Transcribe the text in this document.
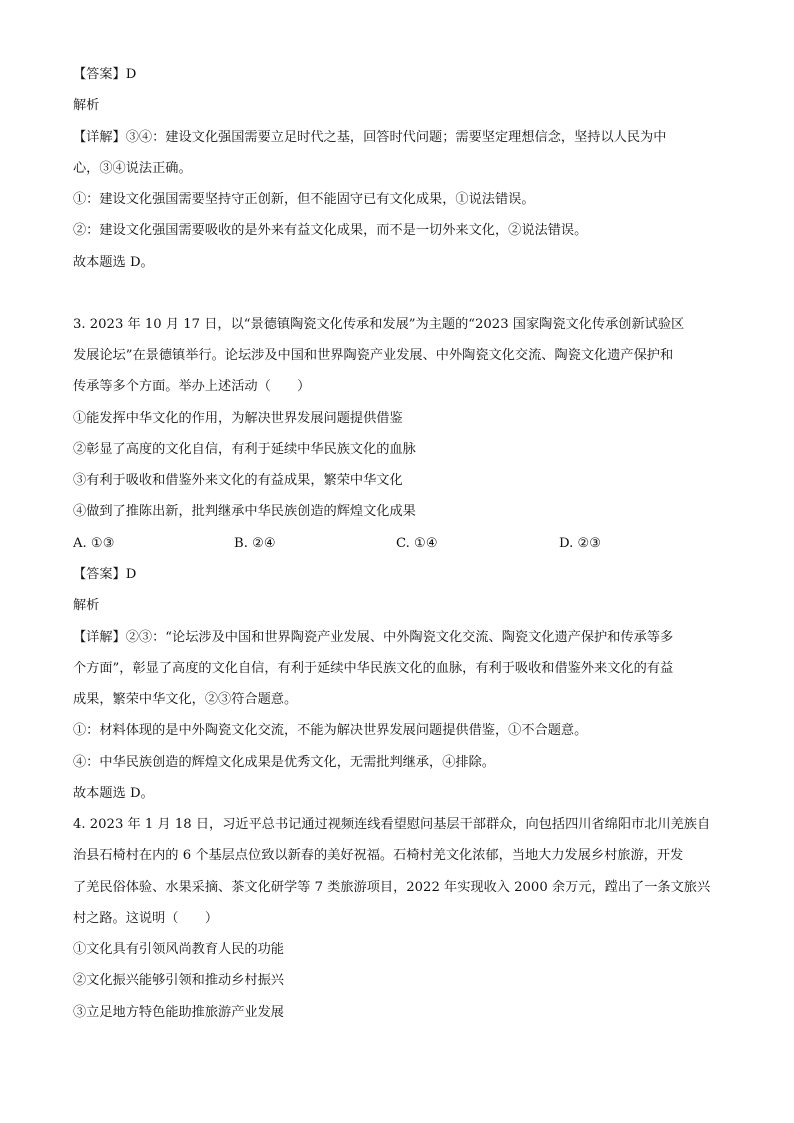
【答案】D
解析
【详解】③④：建设文化强国需要立足时代之基，回答时代问题；需要坚定理想信念，坚持以人民为中
心，③④说法正确。
①：建设文化强国需要坚持守正创新，但不能固守已有文化成果，①说法错误。
②：建设文化强国需要吸收的是外来有益文化成果，而不是一切外来文化，②说法错误。
故本题选 D。
3. 2023 年 10 月 17 日，以“景德镇陶瓷文化传承和发展”为主题的“2023 国家陶瓷文化传承创新试验区
发展论坛”在景德镇举行。论坛涉及中国和世界陶瓷产业发展、中外陶瓷文化交流、陶瓷文化遗产保护和
传承等多个方面。举办上述活动（　　）
①能发挥中华文化的作用，为解决世界发展问题提供借鉴
②彰显了高度的文化自信，有利于延续中华民族文化的血脉
③有利于吸收和借鉴外来文化的有益成果，繁荣中华文化
④做到了推陈出新，批判继承中华民族创造的辉煌文化成果
A. ①③	B. ②④	C. ①④	D. ②③
【答案】D
解析
【详解】②③：“论坛涉及中国和世界陶瓷产业发展、中外陶瓷文化交流、陶瓷文化遗产保护和传承等多
个方面”，彰显了高度的文化自信，有利于延续中华民族文化的血脉，有利于吸收和借鉴外来文化的有益
成果，繁荣中华文化，②③符合题意。
①：材料体现的是中外陶瓷文化交流，不能为解决世界发展问题提供借鉴，①不合题意。
④：中华民族创造的辉煌文化成果是优秀文化，无需批判继承，④排除。
故本题选 D。
4. 2023 年 1 月 18 日，习近平总书记通过视频连线看望慰问基层干部群众，向包括四川省绵阳市北川羌族自
治县石椅村在内的 6 个基层点位致以新春的美好祝福。石椅村羌文化浓郁，当地大力发展乡村旅游，开发
了羌民俗体验、水果采摘、茶文化研学等 7 类旅游项目，2022 年实现收入 2000 余万元，蹚出了一条文旅兴
村之路。这说明（　　）
①文化具有引领风尚教育人民的功能
②文化振兴能够引领和推动乡村振兴
③立足地方特色能助推旅游产业发展
